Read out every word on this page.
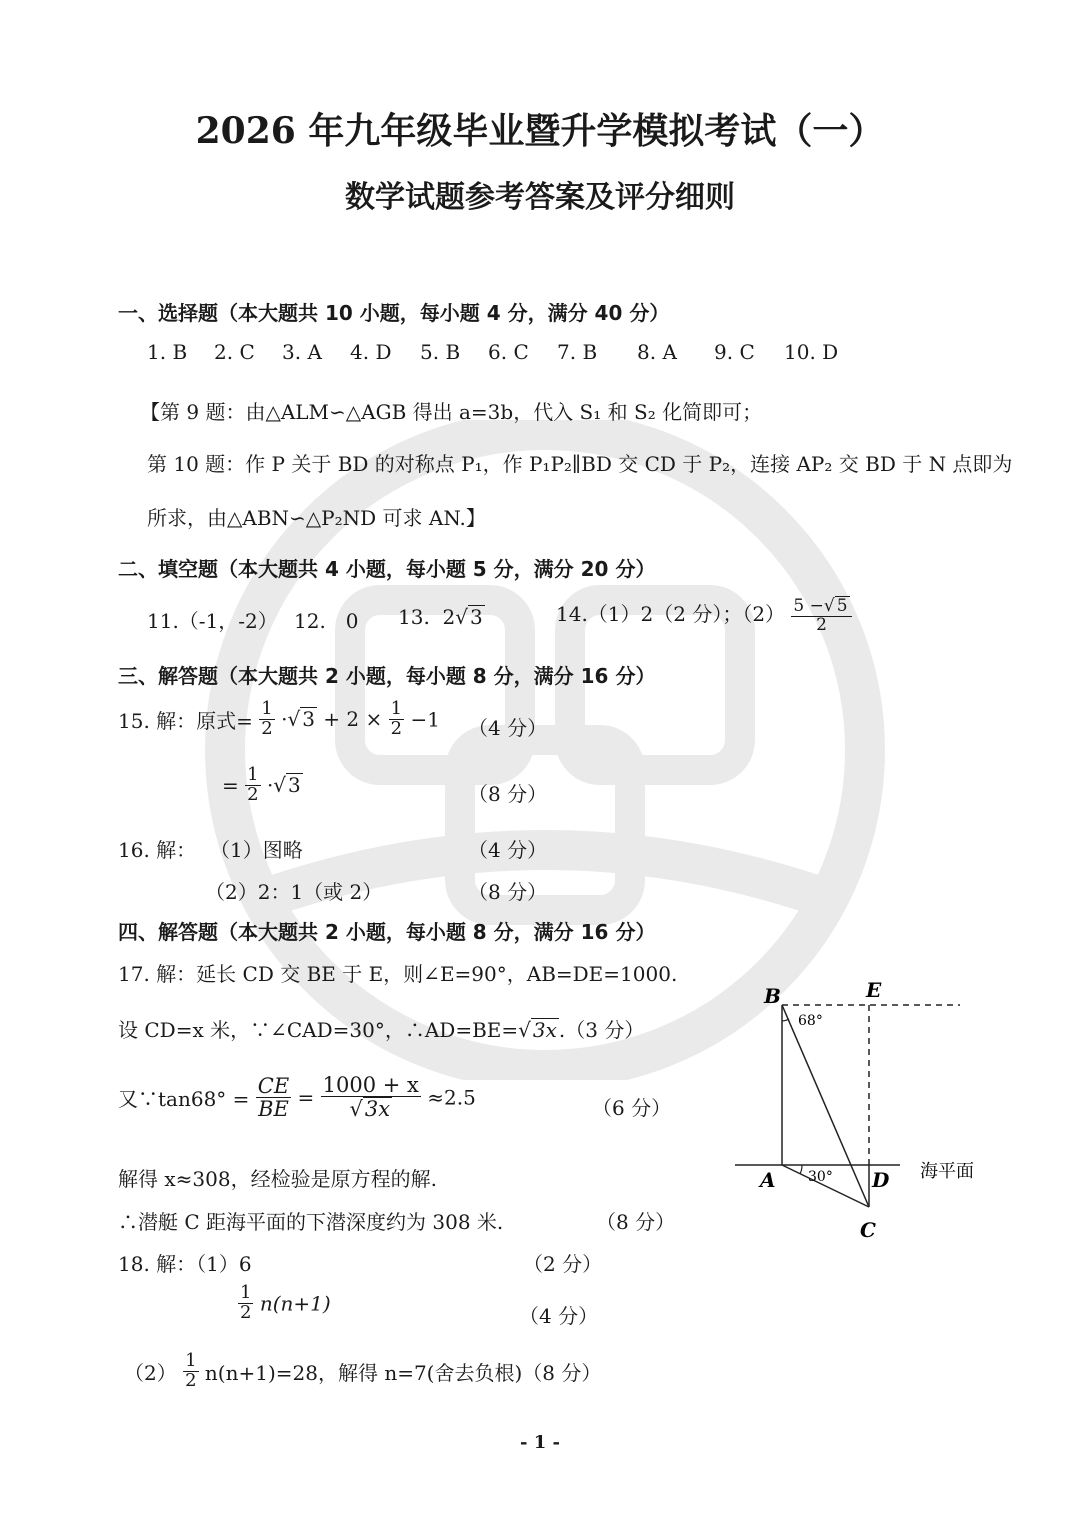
2026 年九年级毕业暨升学模拟考试（一）
数学试题参考答案及评分细则
一、选择题（本大题共 10 小题，每小题 4 分，满分 40 分）
1. B 2. C 3. A 4. D 5. B 6. C 7. B 8. A 9. C 10. D
【第 9 题：由△ALM∽△AGB 得出 a=3b，代入 S₁ 和 S₂ 化简即可；
第 10 题：作 P 关于 BD 的对称点 P₁，作 P₁P₂∥BD 交 CD 于 P₂，连接 AP₂ 交 BD 于 N 点即为
所求，由△ABN∽△P₂ND 可求 AN.】
二、填空题（本大题共 4 小题，每小题 5 分，满分 20 分）
11.（-1，-2） 12.　0 13. 2√ 3	14.（1）2（2 分）；$(2) \frac{5 -√ 5}{2}$
三、解答题（本大题共 2 小题，每小题 8 分，满分 16 分）
15. 解：原式= $\frac{1}{2}$ ·√ $3 + 2 \times \frac{1}{2} -1$ （4 分）
= $\frac{1}{2}$ ·√ 3	（8 分）
16. 解： （1）图略	（4 分）
（2）2：1（或 2）	（8 分）
四、解答题（本大题共 2 小题，每小题 8 分，满分 16 分）
17. 解：延长 CD 交 BE 于 E，则∠E=90°，AB=DE=1000.
设 CD=x 米，∵∠CAD=30°，∴AD=BE=√ 3x .（3 分）
又∵tan68° = $\frac{CE}{BE} = \frac{1000 + x}{√3x} \approx 2.5$	（6 分）
解得 x≈308，经检验是原方程的解.
∴潜艇 C 距海平面的下潜深度约为 308 米.	（8 分）
18. 解：（1）6	（2 分）
$\frac{1}{2} n(n+1)$
（4 分）
$(2) \frac{1}{2} n(n+1)=28$，解得 n=7(舍去负根)（8 分）
B	E
A	D
C
68°
30°	海平面
- 1 -
